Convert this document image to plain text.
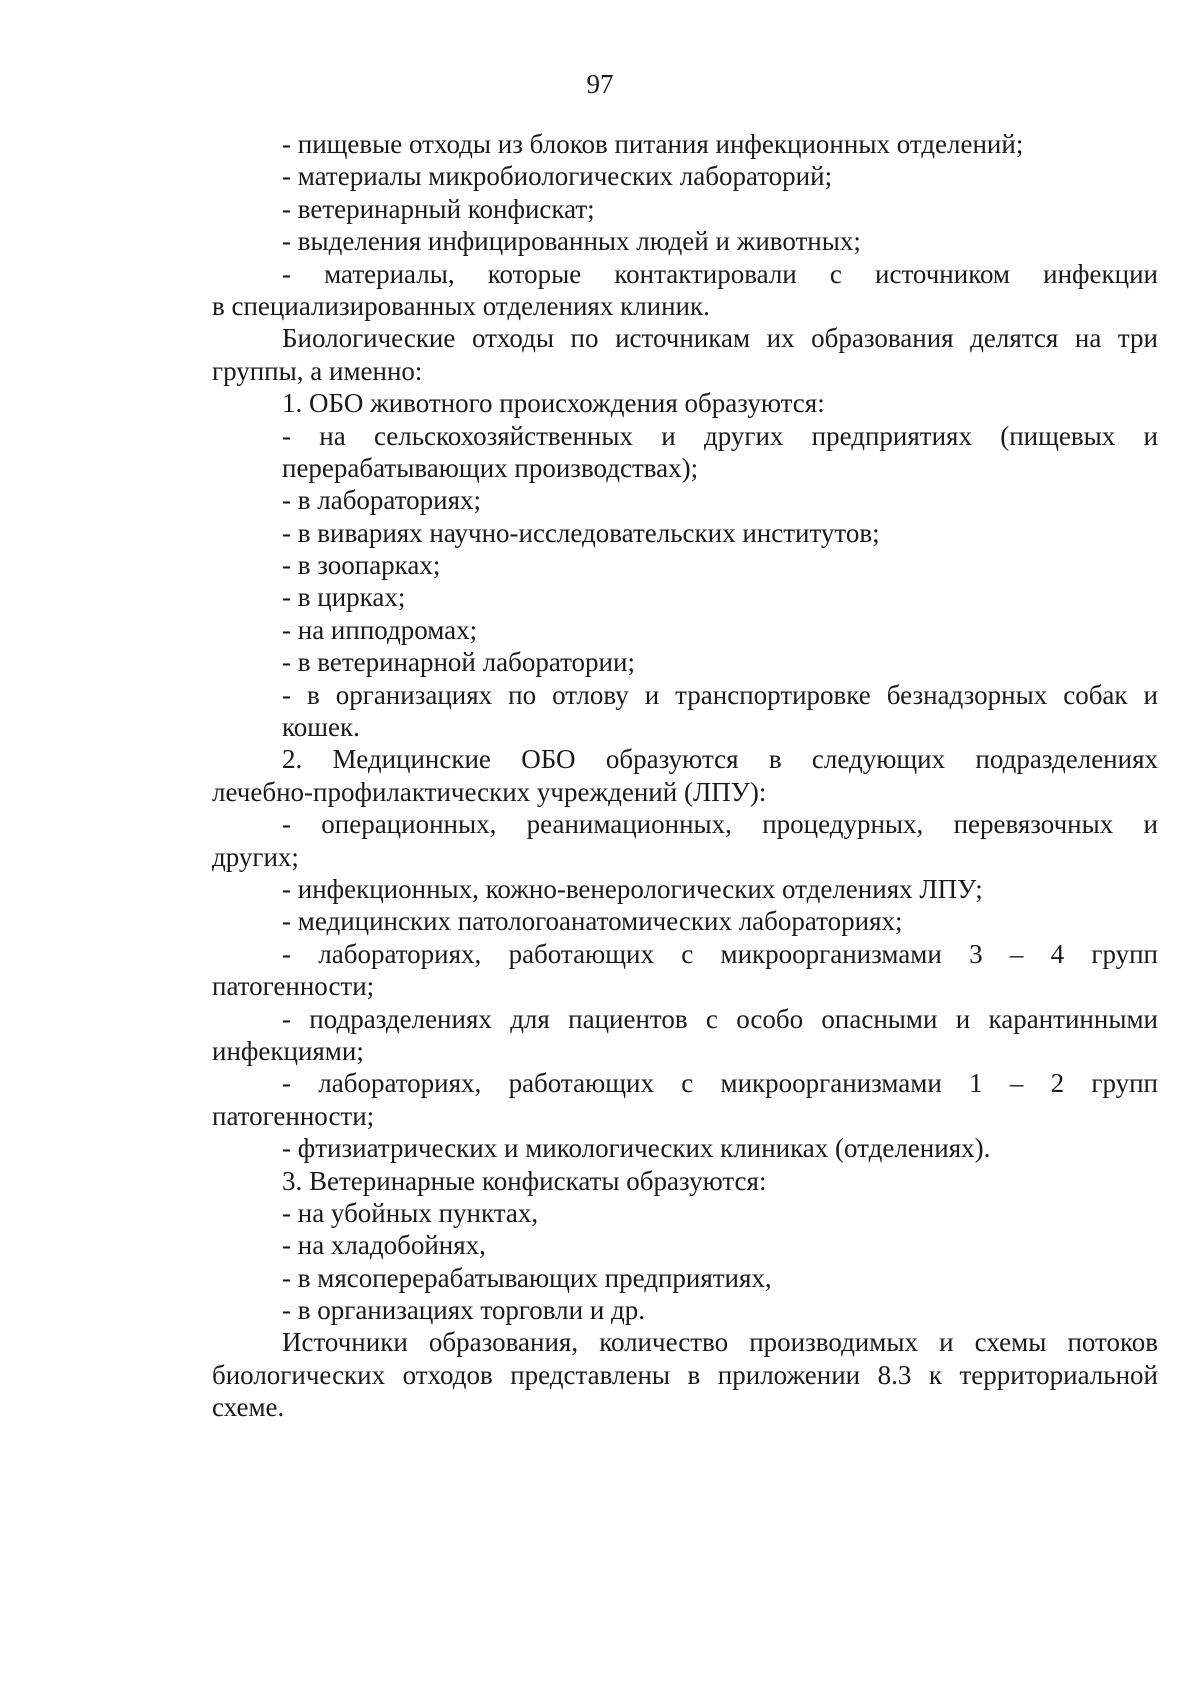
97
- пищевые отходы из блоков питания инфекционных отделений;
- материалы микробиологических лабораторий;
- ветеринарный конфискат;
- выделения инфицированных людей и животных;
- материалы, которые контактировали с источником инфекции
в специализированных отделениях клиник.
Биологические отходы по источникам их образования делятся на три
группы, а именно:
1. ОБО животного происхождения образуются:
- на сельскохозяйственных и других предприятиях (пищевых и
перерабатывающих производствах);
- в лабораториях;
- в вивариях научно-исследовательских институтов;
- в зоопарках;
- в цирках;
- на ипподромах;
- в ветеринарной лаборатории;
- в организациях по отлову и транспортировке безнадзорных собак и
кошек.
2. Медицинские ОБО образуются в следующих подразделениях
лечебно-профилактических учреждений (ЛПУ):
- операционных, реанимационных, процедурных, перевязочных и
других;
- инфекционных, кожно-венерологических отделениях ЛПУ;
- медицинских патологоанатомических лабораториях;
- лабораториях, работающих с микроорганизмами 3 – 4 групп
патогенности;
- подразделениях для пациентов с особо опасными и карантинными
инфекциями;
- лабораториях, работающих с микроорганизмами 1 – 2 групп
патогенности;
- фтизиатрических и микологических клиниках (отделениях).
3. Ветеринарные конфискаты образуются:
- на убойных пунктах,
- на хладобойнях,
- в мясоперерабатывающих предприятиях,
- в организациях торговли и др.
Источники образования, количество производимых и схемы потоков
биологических отходов представлены в приложении 8.3 к территориальной
схеме.
